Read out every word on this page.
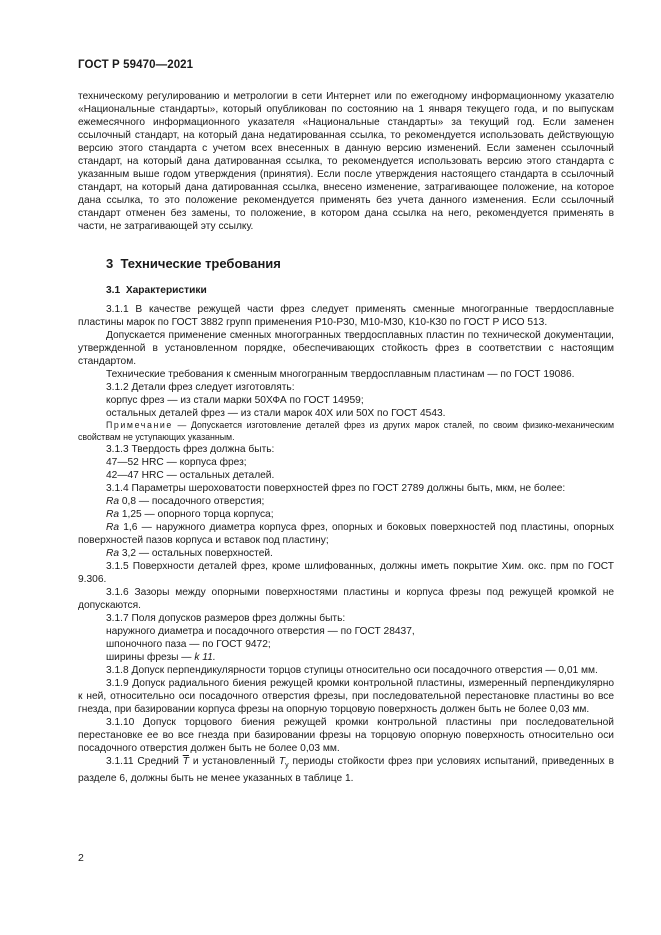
ГОСТ Р 59470—2021

техническому регулированию и метрологии в сети Интернет или по ежегодному информационному указателю «Национальные стандарты», который опубликован по состоянию на 1 января текущего года, и по выпускам ежемесячного информационного указателя «Национальные стандарты» за текущий год. Если заменен ссылочный стандарт, на который дана недатированная ссылка, то рекомендуется использовать действующую версию этого стандарта с учетом всех внесенных в данную версию изменений. Если заменен ссылочный стандарт, на который дана датированная ссылка, то рекомендуется использовать версию этого стандарта с указанным выше годом утверждения (принятия). Если после утверждения настоящего стандарта в ссылочный стандарт, на который дана датированная ссылка, внесено изменение, затрагивающее положение, на которое дана ссылка, то это положение рекомендуется применять без учета данного изменения. Если ссылочный стандарт отменен без замены, то положение, в котором дана ссылка на него, рекомендуется применять в части, не затрагивающей эту ссылку.

3 Технические требования
3.1 Характеристики

3.1.1 В качестве режущей части фрез следует применять сменные многогранные твердосплавные пластины марок по ГОСТ 3882 групп применения Р10-Р30, М10-М30, К10-К30 по ГОСТ Р ИСО 513.

Допускается применение сменных многогранных твердосплавных пластин по технической документации, утвержденной в установленном порядке, обеспечивающих стойкость фрез в соответствии с настоящим стандартом.

Технические требования к сменным многогранным твердосплавным пластинам — по ГОСТ 19086.

3.1.2 Детали фрез следует изготовлять:

корпус фрез — из стали марки 50ХФА по ГОСТ 14959;

остальных деталей фрез — из стали марок 40Х или 50Х по ГОСТ 4543.

Примечание — Допускается изготовление деталей фрез из других марок сталей, по своим физико-механическим свойствам не уступающих указанным.

3.1.3 Твердость фрез должна быть:

47—52 HRC — корпуса фрез;

42—47 HRC — остальных деталей.

3.1.4 Параметры шероховатости поверхностей фрез по ГОСТ 2789 должны быть, мкм, не более:

Ra 0,8 — посадочного отверстия;

Ra 1,25 — опорного торца корпуса;

Ra 1,6 — наружного диаметра корпуса фрез, опорных и боковых поверхностей под пластины, опорных поверхностей пазов корпуса и вставок под пластину;

Ra 3,2 — остальных поверхностей.

3.1.5 Поверхности деталей фрез, кроме шлифованных, должны иметь покрытие Хим. окс. прм по ГОСТ 9.306.

3.1.6 Зазоры между опорными поверхностями пластины и корпуса фрезы под режущей кромкой не допускаются.

3.1.7 Поля допусков размеров фрез должны быть:

наружного диаметра и посадочного отверстия — по ГОСТ 28437,

шпоночного паза — по ГОСТ 9472;

ширины фрезы — k 11.

3.1.8 Допуск перпендикулярности торцов ступицы относительно оси посадочного отверстия — 0,01 мм.

3.1.9 Допуск радиального биения режущей кромки контрольной пластины, измеренный перпендикулярно к ней, относительно оси посадочного отверстия фрезы, при последовательной перестановке пластины во все гнезда, при базировании корпуса фрезы на опорную торцовую поверхность должен быть не более 0,03 мм.

3.1.10 Допуск торцового биения режущей кромки контрольной пластины при последовательной перестановке ее во все гнезда при базировании фрезы на торцовую опорную поверхность относительно оси посадочного отверстия должен быть не более 0,03 мм.

3.1.11 Средний $\overline{T}$ и установленный $T_у$ периоды стойкости фрез при условиях испытаний, приведенных в разделе 6, должны быть не менее указанных в таблице 1.

2
